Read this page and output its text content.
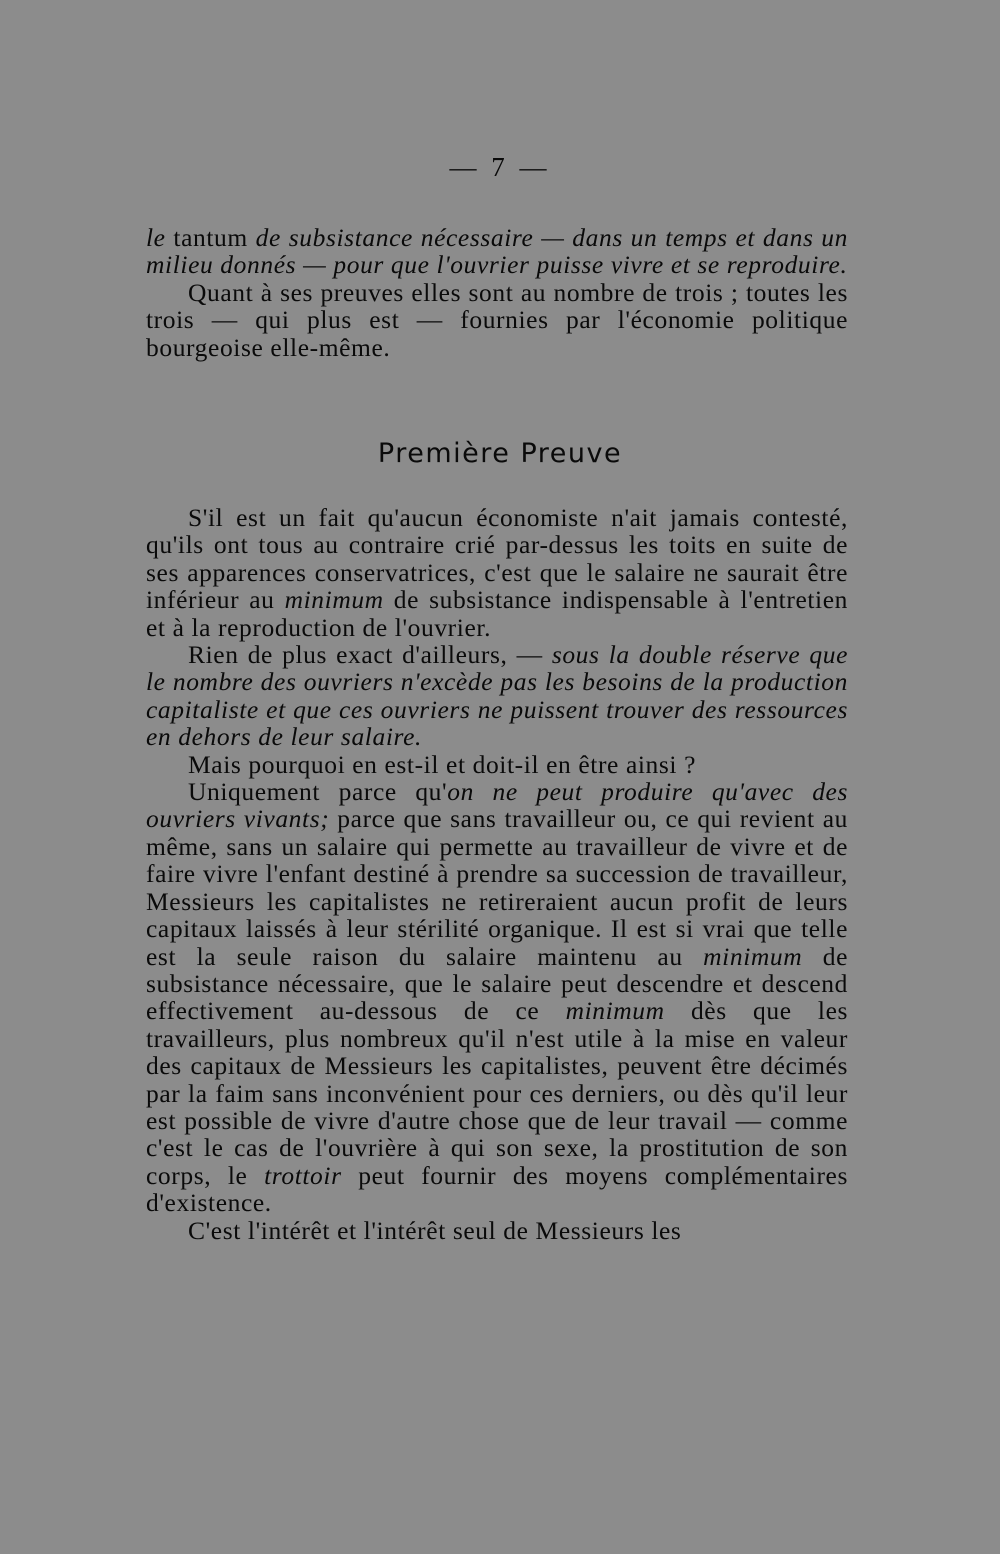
— 7 —

le tantum de subsistance nécessaire — dans un temps et dans un milieu donnés — pour que l'ouvrier puisse vivre et se reproduire.

Quant à ses preuves elles sont au nombre de trois ; toutes les trois — qui plus est — fournies par l'économie politique bourgeoise elle-même.

Première Preuve

S'il est un fait qu'aucun économiste n'ait jamais contesté, qu'ils ont tous au contraire crié par-dessus les toits en suite de ses apparences conservatrices, c'est que le salaire ne saurait être inférieur au minimum de subsistance indispensable à l'entretien et à la reproduction de l'ouvrier.

Rien de plus exact d'ailleurs, — sous la double réserve que le nombre des ouvriers n'excède pas les besoins de la production capitaliste et que ces ouvriers ne puissent trouver des ressources en dehors de leur salaire.

Mais pourquoi en est-il et doit-il en être ainsi ?

Uniquement parce qu'on ne peut produire qu'avec des ouvriers vivants; parce que sans travailleur ou, ce qui revient au même, sans un salaire qui permette au travailleur de vivre et de faire vivre l'enfant destiné à prendre sa succession de travailleur, Messieurs les capitalistes ne retireraient aucun profit de leurs capitaux laissés à leur stérilité organique. Il est si vrai que telle est la seule raison du salaire maintenu au minimum de subsistance nécessaire, que le salaire peut descendre et descend effectivement au-dessous de ce minimum dès que les travailleurs, plus nombreux qu'il n'est utile à la mise en valeur des capitaux de Messieurs les capitalistes, peuvent être décimés par la faim sans inconvénient pour ces derniers, ou dès qu'il leur est possible de vivre d'autre chose que de leur travail — comme c'est le cas de l'ouvrière à qui son sexe, la prostitution de son corps, le trottoir peut fournir des moyens complémentaires d'existence.

C'est l'intérêt et l'intérêt seul de Messieurs les
